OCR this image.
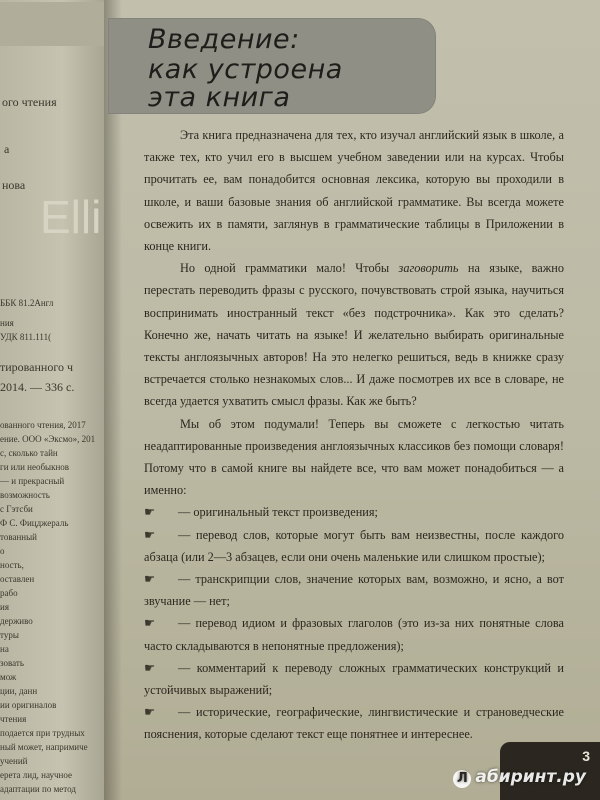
ого чтения
а
нова
Elli
тированного ч
2014. — 336 с.
с, сколько тайн
ги или необыкнов
— и прекрасный
возможность
с Гэтсби
Ф С. Фицджераль
тованный
о
ность,
оставлен
рабо
ия
держиво
туры
на
зовать
мож
ции, данн
ии оригиналов
чтения
подается при трудных
ный может, напримиче
учений
ерета лид, научное
ния
УДК 811.111(
ББК 81.2Англ
адаптации по метод
ованного чтения, 2017
ение. ООО «Эксмо», 201
Введение:
как устроена
эта книга

Эта книга предназначена для тех, кто изучал английский язык в школе, а также тех, кто учил его в высшем учебном заведении или на курсах. Чтобы прочитать ее, вам понадобится основная лексика, которую вы проходили в школе, и ваши базовые знания об английской грамматике. Вы всегда можете освежить их в памяти, заглянув в грамматические таблицы в Приложении в конце книги.

Но одной грамматики мало! Чтобы заговорить на языке, важно перестать переводить фразы с русского, почувствовать строй языка, научиться воспринимать иностранный текст «без подстрочника». Как это сделать? Конечно же, начать читать на языке! И желательно выбирать оригинальные тексты англоязычных авторов! На это нелегко решиться, ведь в книжке сразу встречается столько незнакомых слов... И даже посмотрев их все в словаре, не всегда удается ухватить смысл фразы. Как же быть?

Мы об этом подумали! Теперь вы сможете с легкостью читать неадаптированные произведения англоязычных классиков без помощи словаря! Потому что в самой книге вы найдете все, что вам может понадобиться — а именно:

☛ — оригинальный текст произведения;

☛ — перевод слов, которые могут быть вам неизвестны, после каждого абзаца (или 2—3 абзацев, если они очень маленькие или слишком простые);

☛ — транскрипции слов, значение которых вам, возможно, и ясно, а вот звучание — нет;

☛ — перевод идиом и фразовых глаголов (это из-за них понятные слова часто складываются в непонятные предложения);

☛ — комментарий к переводу сложных грамматических конструкций и устойчивых выражений;

☛ — исторические, географические, лингвистические и страноведческие пояснения, которые сделают текст еще понятнее и интереснее.

3
Л абиринт.ру
